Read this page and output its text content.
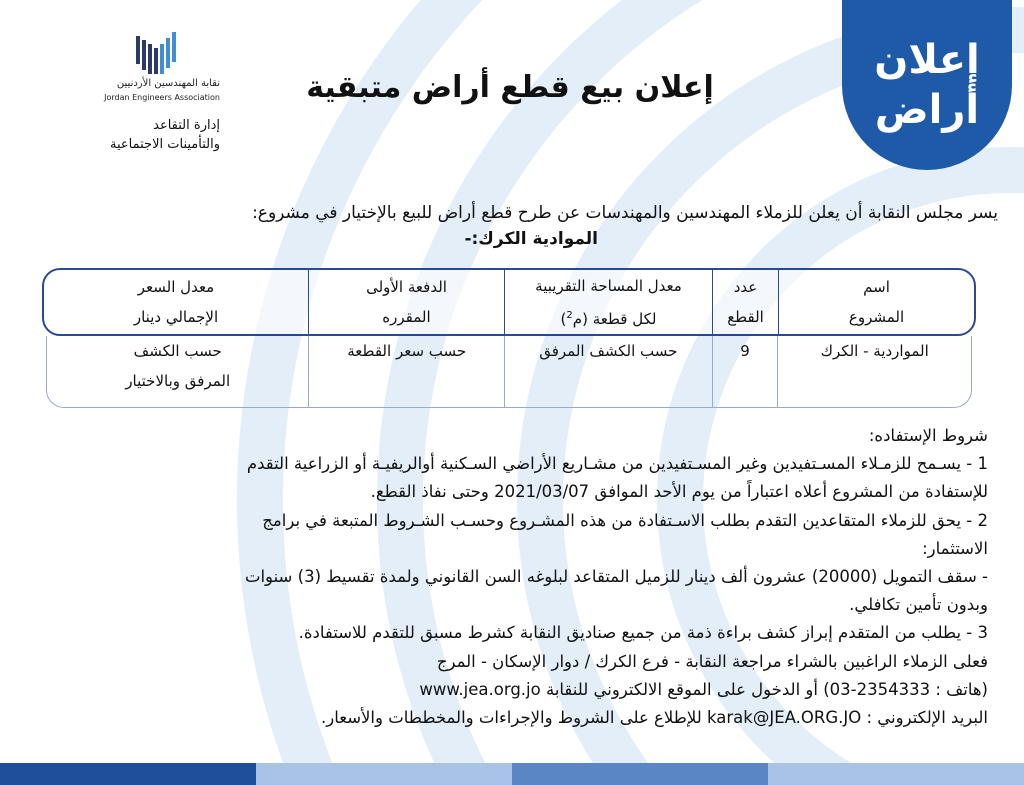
إعلان
أراض
إعلان بيع قطع أراض متبقية
نقابة المهندسين الأردنيين
Jordan Engineers Association
إدارة التقاعد
والتأمينات الاجتماعية
يسر مجلس النقابة أن يعلن للزملاء المهندسين والمهندسات عن طرح قطع أراض للبيع بالإختيار في مشروع:
الموادية الكرك:-
اسم
المشروع
عدد
القطع
معدل المساحة التقريبية
لكل قطعة (م$^2$)
الدفعة الأولى
المقرره
معدل السعر
الإجمالي دينار
المواردية - الكرك
9
حسب الكشف المرفق
حسب سعر القطعة
حسب الكشف
المرفق وبالاختيار

شروط الإستفاده:

1 - يسـمح للزمـلاء المسـتفيدين وغير المسـتفيدين من مشـاريع الأراضي السـكنية أوالريفيـة أو الزراعية التقدم

للإستفادة من المشروع أعلاه اعتباراً من يوم الأحد الموافق 2021/03/07 وحتى نفاذ القطع.

2 - يحق للزملاء المتقاعدين التقدم بطلب الاسـتفادة من هذه المشـروع وحسـب الشـروط المتبعة في برامج

الاستثمار:

- سقف التمويل (20000) عشرون ألف دينار للزميل المتقاعد لبلوغه السن القانوني ولمدة تقسيط (3) سنوات

وبدون تأمين تكافلي.

3 - يطلب من المتقدم إبراز كشف براءة ذمة من جميع صناديق النقابة كشرط مسبق للتقدم للاستفادة.

فعلى الزملاء الراغبين بالشراء مراجعة النقابة - فرع الكرك / دوار الإسكان - المرج

(هاتف : 2354333-03) أو الدخول على الموقع الالكتروني للنقابة www.jea.org.jo

البريد الإلكتروني : karak@JEA.ORG.JO للإطلاع على الشروط والإجراءات والمخططات والأسعار.
